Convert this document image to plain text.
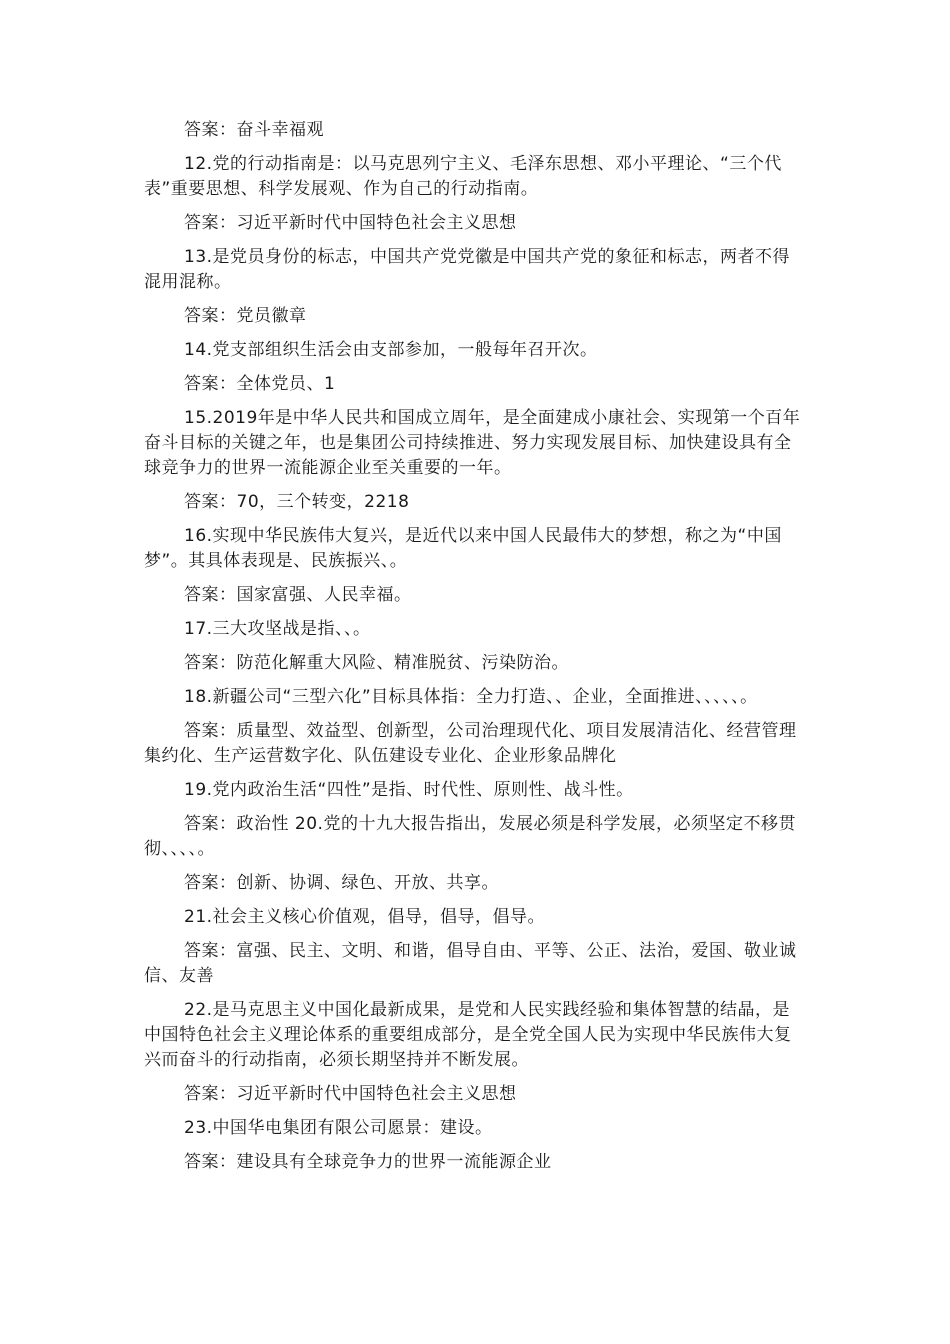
答案：奋斗幸福观

12.党的行动指南是：以马克思列宁主义、毛泽东思想、邓小平理论、“三个代表”重要思想、科学发展观、作为自己的行动指南。

答案：习近平新时代中国特色社会主义思想

13.是党员身份的标志，中国共产党党徽是中国共产党的象征和标志，两者不得混用混称。

答案：党员徽章

14.党支部组织生活会由支部参加，一般每年召开次。

答案：全体党员、1

15.2019年是中华人民共和国成立周年，是全面建成小康社会、实现第一个百年奋斗目标的关键之年，也是集团公司持续推进、努力实现发展目标、加快建设具有全球竞争力的世界一流能源企业至关重要的一年。

答案：70，三个转变，2218

16.实现中华民族伟大复兴，是近代以来中国人民最伟大的梦想，称之为“中国梦”。其具体表现是、民族振兴、。

答案：国家富强、人民幸福。

17.三大攻坚战是指、、。

答案：防范化解重大风险、精准脱贫、污染防治。

18.新疆公司“三型六化”目标具体指：全力打造、、企业，全面推进、、、、、。

答案：质量型、效益型、创新型，公司治理现代化、项目发展清洁化、经营管理集约化、生产运营数字化、队伍建设专业化、企业形象品牌化

19.党内政治生活“四性”是指、时代性、原则性、战斗性。

答案：政治性 20.党的十九大报告指出，发展必须是科学发展，必须坚定不移贯彻、、、、。

答案：创新、协调、绿色、开放、共享。

21.社会主义核心价值观，倡导，倡导，倡导。

答案：富强、民主、文明、和谐，倡导自由、平等、公正、法治，爱国、敬业诚信、友善

22.是马克思主义中国化最新成果，是党和人民实践经验和集体智慧的结晶，是中国特色社会主义理论体系的重要组成部分，是全党全国人民为实现中华民族伟大复兴而奋斗的行动指南，必须长期坚持并不断发展。

答案：习近平新时代中国特色社会主义思想

23.中国华电集团有限公司愿景：建设。

答案：建设具有全球竞争力的世界一流能源企业
